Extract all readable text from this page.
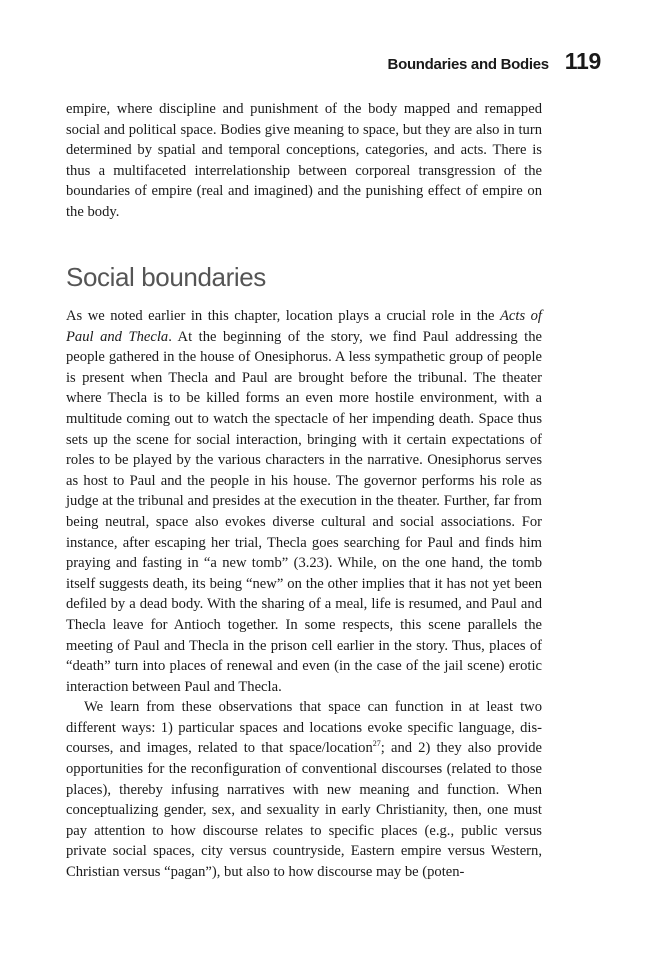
Boundaries and Bodies 119

empire, where discipline and punishment of the body mapped and remapped social and political space. Bodies give meaning to space, but they are also in turn determined by spatial and temporal conceptions, categories, and acts. There is thus a multifaceted interrelationship between corporeal transgression of the boundaries of empire (real and imagined) and the punishing effect of empire on the body.

Social boundaries

As we noted earlier in this chapter, location plays a crucial role in the Acts of Paul and Thecla. At the beginning of the story, we find Paul addressing the people gathered in the house of Onesiphorus. A less sympathetic group of people is present when Thecla and Paul are brought before the tribunal. The theater where Thecla is to be killed forms an even more hostile environment, with a multitude coming out to watch the spectacle of her impending death. Space thus sets up the scene for social interaction, bringing with it certain expectations of roles to be played by the various characters in the narrative. Onesiphorus serves as host to Paul and the people in his house. The governor performs his role as judge at the tribunal and presides at the execution in the theater. Further, far from being neutral, space also evokes diverse cultural and social associations. For instance, after escaping her trial, Thecla goes searching for Paul and finds him praying and fasting in “a new tomb” (3.23). While, on the one hand, the tomb itself suggests death, its being “new” on the other implies that it has not yet been defiled by a dead body. With the sharing of a meal, life is resumed, and Paul and Thecla leave for Antioch together. In some respects, this scene parallels the meeting of Paul and Thecla in the prison cell earlier in the story. Thus, places of “death” turn into places of renewal and even (in the case of the jail scene) erotic interaction between Paul and Thecla.

We learn from these observations that space can function in at least two different ways: 1) particular spaces and locations evoke specific language, discourses, and images, related to that space/location$^{27}$; and 2) they also provide opportunities for the reconfiguration of conventional discourses (related to those places), thereby infusing narratives with new meaning and function. When conceptualizing gender, sex, and sexuality in early Christianity, then, one must pay attention to how discourse relates to specific places (e.g., public versus private social spaces, city versus countryside, Eastern empire versus Western, Christian versus “pagan”), but also to how discourse may be (poten-
